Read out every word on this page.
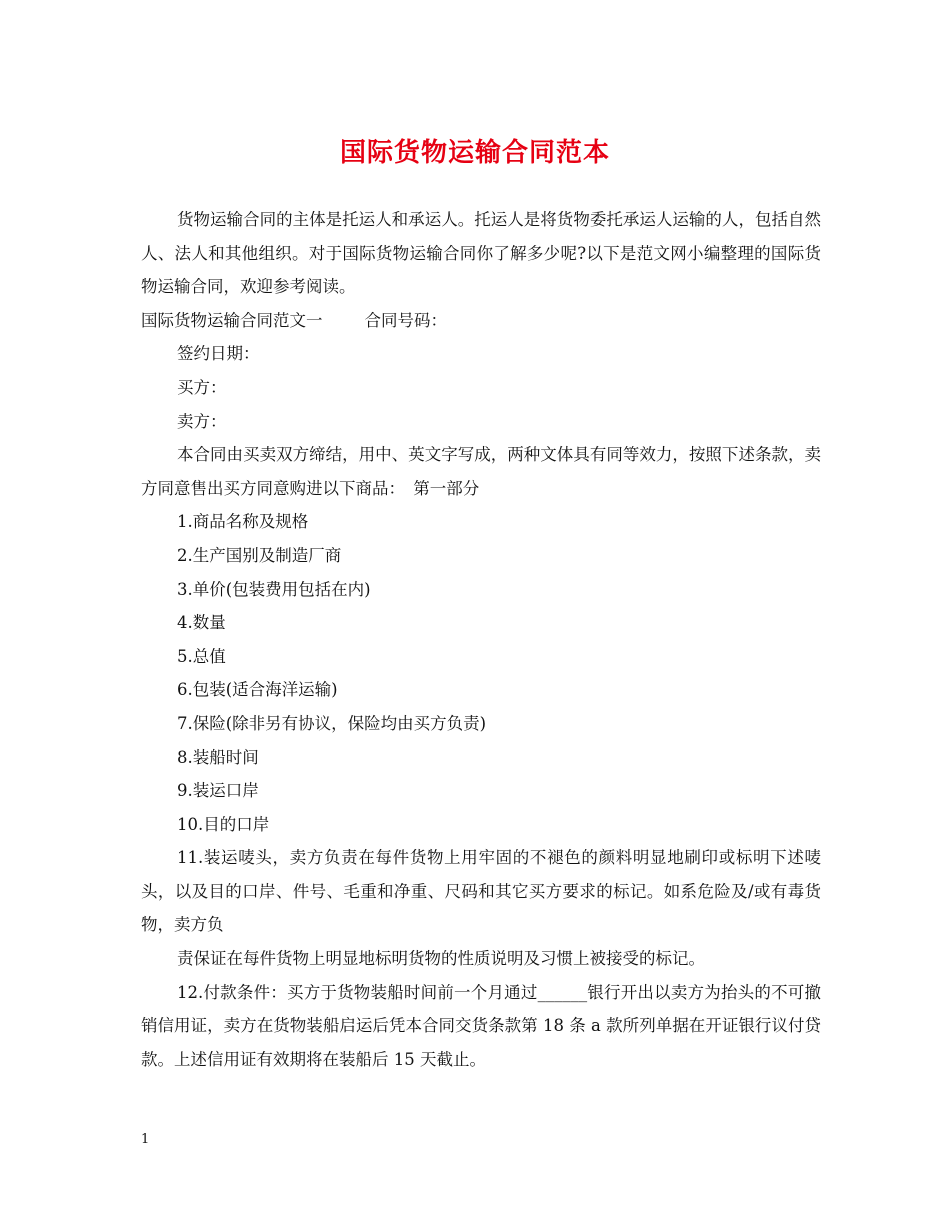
国际货物运输合同范本

货物运输合同的主体是托运人和承运人。托运人是将货物委托承运人运输的人，包括自然人、法人和其他组织。对于国际货物运输合同你了解多少呢?以下是范文网小编整理的国际货物运输合同，欢迎参考阅读。

国际货物运输合同范文一	合同号码：

签约日期：

买方：

卖方：

本合同由买卖双方缔结，用中、英文字写成，两种文体具有同等效力，按照下述条款，卖方同意售出买方同意购进以下商品：　第一部分

1.商品名称及规格

2.生产国别及制造厂商

3.单价(包装费用包括在内)

4.数量

5.总值

6.包装(适合海洋运输)

7.保险(除非另有协议，保险均由买方负责)

8.装船时间

9.装运口岸

10.目的口岸

11.装运唛头，卖方负责在每件货物上用牢固的不褪色的颜料明显地刷印或标明下述唛头，以及目的口岸、件号、毛重和净重、尺码和其它买方要求的标记。如系危险及/或有毒货物，卖方负

责保证在每件货物上明显地标明货物的性质说明及习惯上被接受的标记。

12.付款条件：买方于货物装船时间前一个月通过______银行开出以卖方为抬头的不可撤销信用证，卖方在货物装船启运后凭本合同交货条款第 18 条 a 款所列单据在开证银行议付贷款。上述信用证有效期将在装船后 15 天截止。

1
